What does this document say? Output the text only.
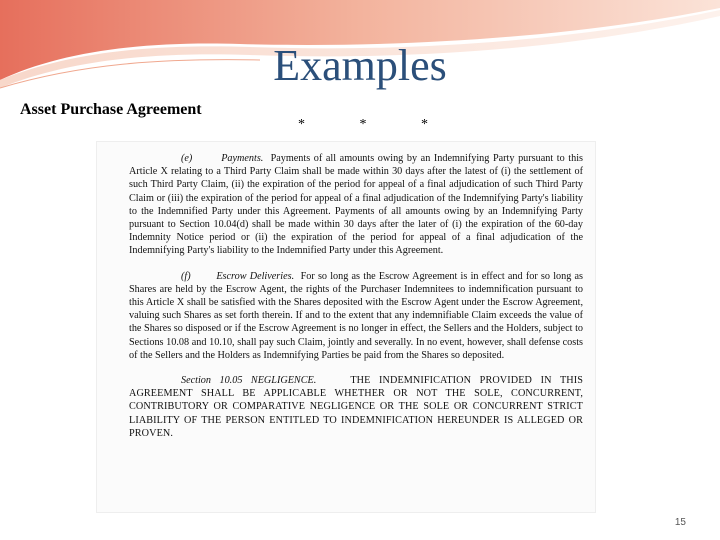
Examples
Asset Purchase Agreement
*	*	*

(e)	Payments. Payments of all amounts owing by an Indemnifying Party pursuant to this Article X relating to a Third Party Claim shall be made within 30 days after the latest of (i) the settlement of such Third Party Claim, (ii) the expiration of the period for appeal of a final adjudication of such Third Party Claim or (iii) the expiration of the period for appeal of a final adjudication of the Indemnifying Party's liability to the Indemnified Party under this Agreement. Payments of all amounts owing by an Indemnifying Party pursuant to Section 10.04(d) shall be made within 30 days after the later of (i) the expiration of the 60-day Indemnity Notice period or (ii) the expiration of the period for appeal of a final adjudication of the Indemnifying Party's liability to the Indemnified Party under this Agreement.

(f)	Escrow Deliveries. For so long as the Escrow Agreement is in effect and for so long as Shares are held by the Escrow Agent, the rights of the Purchaser Indemnitees to indemnification pursuant to this Article X shall be satisfied with the Shares deposited with the Escrow Agent under the Escrow Agreement, valuing such Shares as set forth therein. If and to the extent that any indemnifiable Claim exceeds the value of the Shares so disposed or if the Escrow Agreement is no longer in effect, the Sellers and the Holders, subject to Sections 10.08 and 10.10, shall pay such Claim, jointly and severally. In no event, however, shall defense costs of the Sellers and the Holders as Indemnifying Parties be paid from the Shares so deposited.

Section 10.05 NEGLIGENCE.	THE INDEMNIFICATION PROVIDED IN THIS AGREEMENT SHALL BE APPLICABLE WHETHER OR NOT THE SOLE, CONCURRENT, CONTRIBUTORY OR COMPARATIVE NEGLIGENCE OR THE SOLE OR CONCURRENT STRICT LIABILITY OF THE PERSON ENTITLED TO INDEMNIFICATION HEREUNDER IS ALLEGED OR PROVEN.

15
